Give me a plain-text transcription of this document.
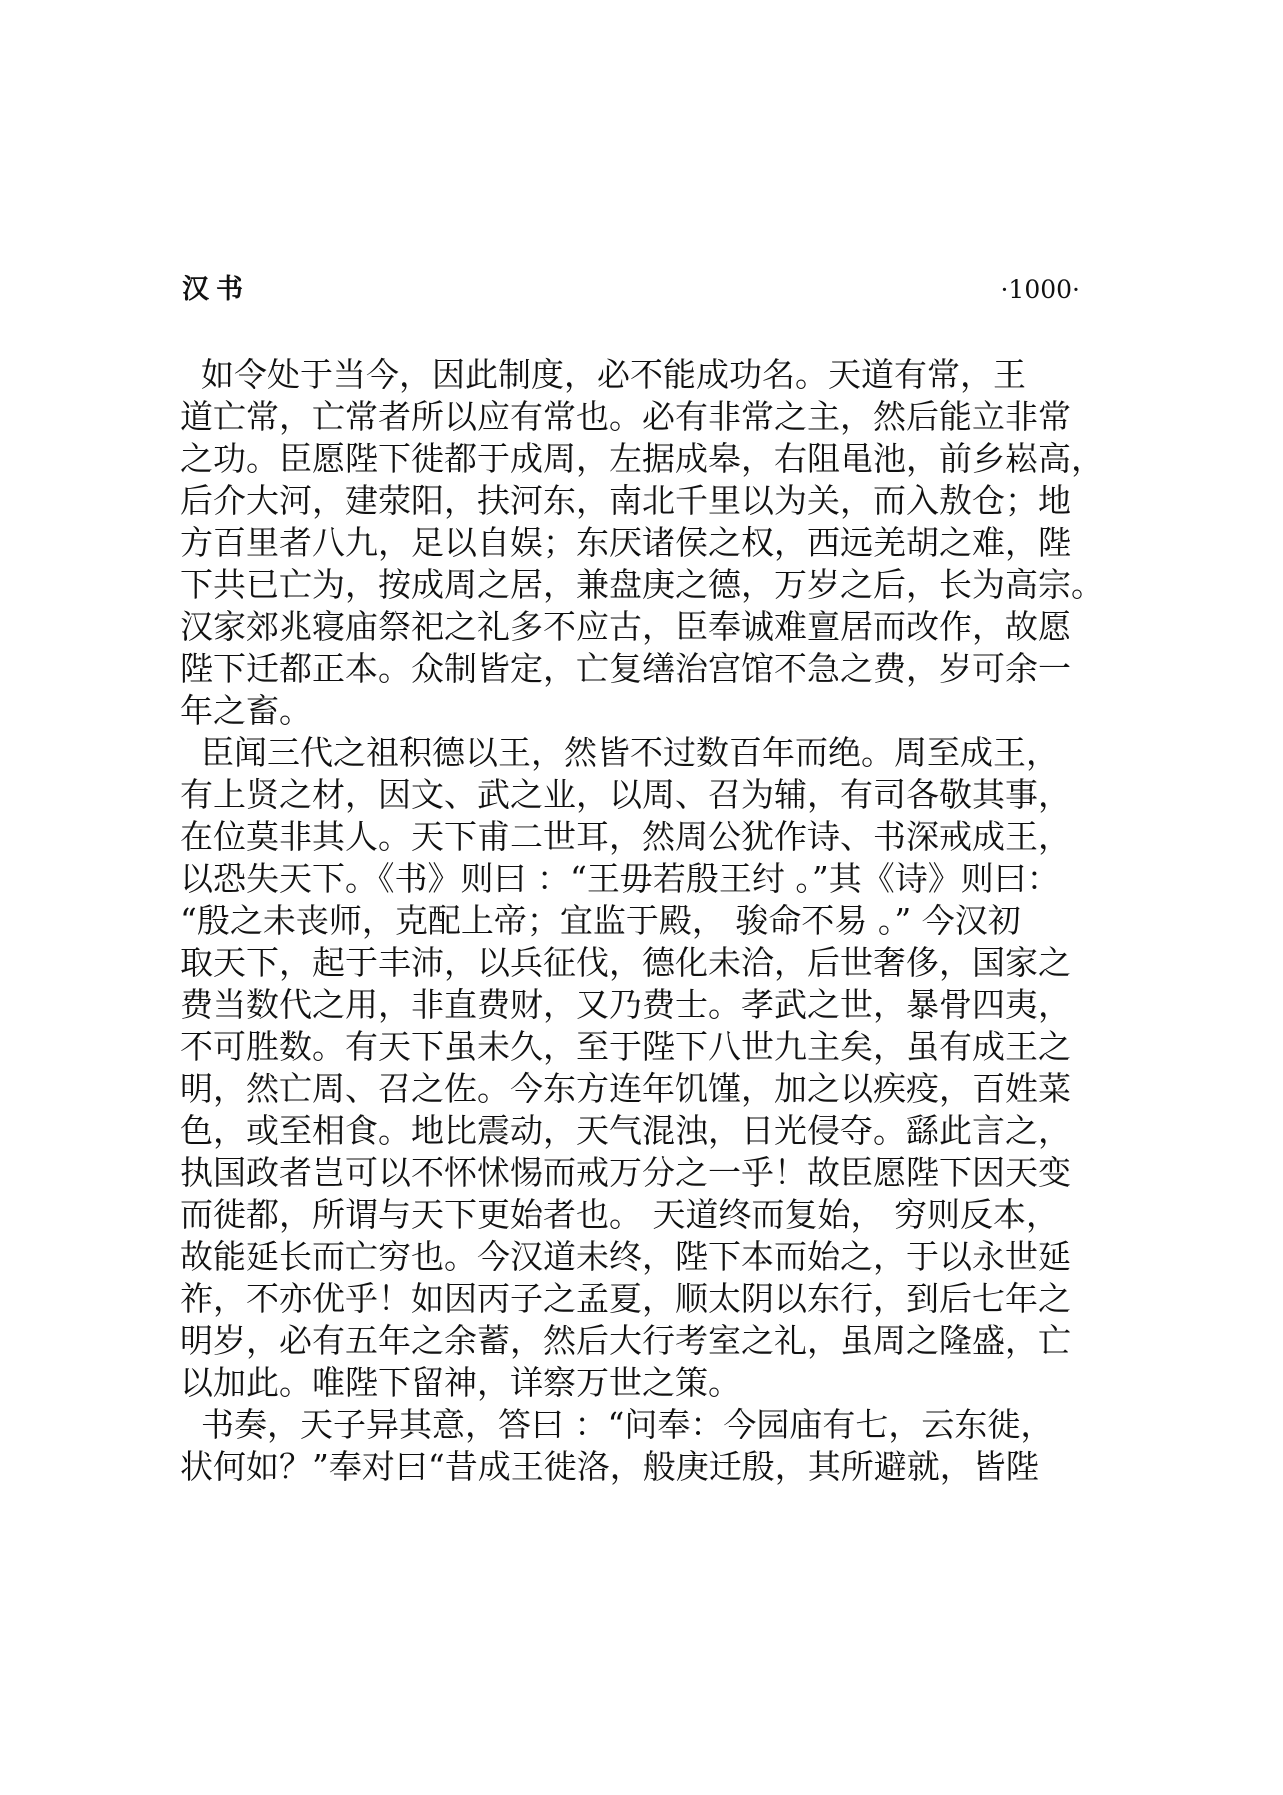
汉书	·1000·
如令处于当今，因此制度，必不能成功名。天道有常，王
道亡常，亡常者所以应有常也。必有非常之主，然后能立非常
之功。臣愿陛下徙都于成周，左据成皋，右阻黾池，前乡崧高，
后介大河，建荥阳，扶河东，南北千里以为关，而入敖仓；地
方百里者八九，足以自娱；东厌诸侯之权，西远羌胡之难，陛
下共已亡为，按成周之居，兼盘庚之德，万岁之后，长为高宗。
汉家郊兆寝庙祭祀之礼多不应古，臣奉诚难亶居而改作，故愿
陛下迁都正本。众制皆定，亡复缮治宫馆不急之费，岁可余一
年之畜。
臣闻三代之祖积德以王，然皆不过数百年而绝。周至成王，
有上贤之材，因文、武之业，以周、召为辅，有司各敬其事，
在位莫非其人。天下甫二世耳，然周公犹作诗、书深戒成王，
以恐失天下。《书》则曰 ：“王毋若殷王纣 。”其《诗》则曰：
“殷之未丧师，克配上帝；宜监于殿， 骏命不易 。” 今汉初
取天下，起于丰沛，以兵征伐，德化未洽，后世奢侈，国家之
费当数代之用，非直费财，又乃费士。孝武之世，暴骨四夷，
不可胜数。有天下虽未久，至于陛下八世九主矣，虽有成王之
明，然亡周、召之佐。今东方连年饥馑，加之以疾疫，百姓菜
色，或至相食。地比震动，天气混浊，日光侵夺。繇此言之，
执国政者岂可以不怀怵惕而戒万分之一乎！故臣愿陛下因天变
而徙都，所谓与天下更始者也。 天道终而复始， 穷则反本，
故能延长而亡穷也。今汉道未终，陛下本而始之，于以永世延
祚，不亦优乎！如因丙子之孟夏，顺太阴以东行，到后七年之
明岁，必有五年之余蓄，然后大行考室之礼，虽周之隆盛，亡
以加此。唯陛下留神，详察万世之策。
书奏，天子异其意，答曰 ：“问奉：今园庙有七，云东徙，
状何如？”奉对曰“昔成王徙洛，般庚迁殷，其所避就，皆陛
